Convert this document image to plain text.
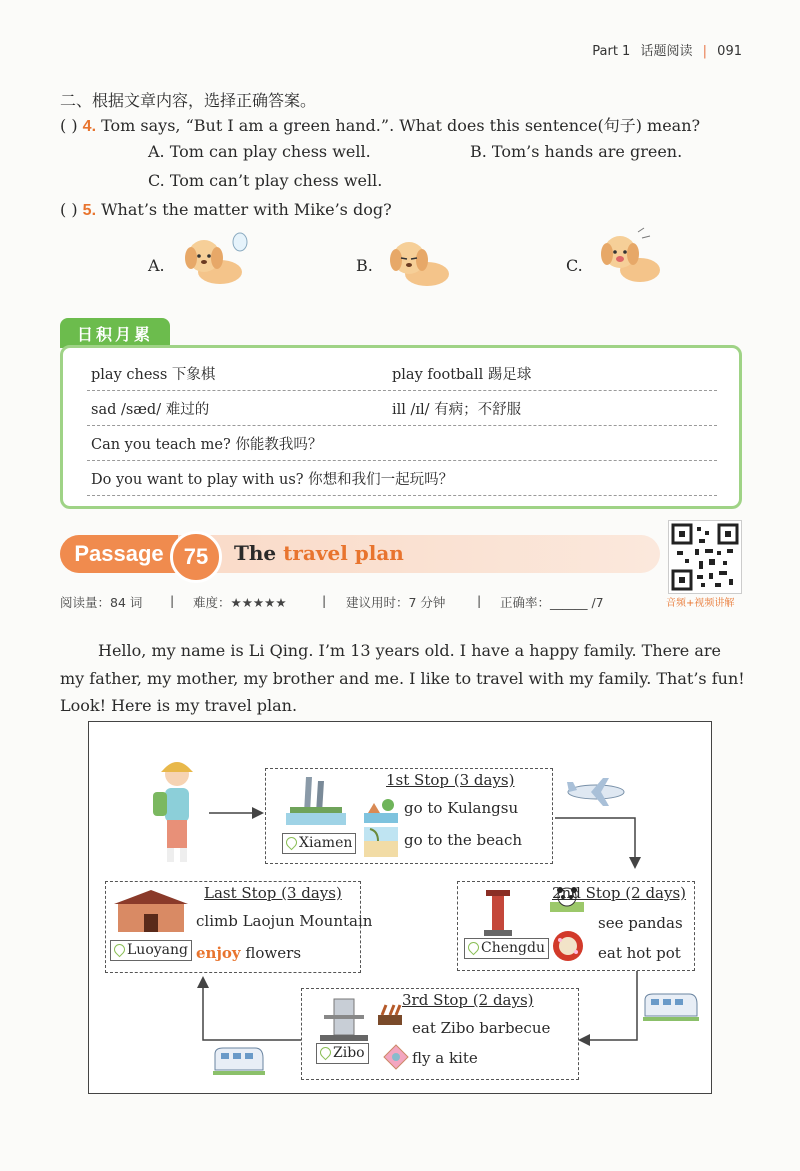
Part 1 话题阅读 | 091
二、根据文章内容，选择正确答案。
( ) 4. Tom says, “But I am a green hand.”. What does this sentence(句子) mean?
A. Tom can play chess well.	B. Tom’s hands are green.
C. Tom can’t play chess well.
( ) 5. What’s the matter with Mike’s dog?
A.	B.	C.
日积月累
play chess 下象棋	play football 踢足球
sad /sæd/ 难过的	ill /ɪl/ 有病；不舒服
Can you teach me? 你能教我吗？
Do you want to play with us? 你想和我们一起玩吗？
Passage 75	The travel plan
音频+视频讲解
阅读量：84 词 | 难度：★★★★★	| 建议用时：7 分钟	| 正确率：______ /7
Hello, my name is Li Qing. I’m 13 years old. I have a happy family. There are my father, my mother, my brother and me. I like to travel with my family. That’s fun! Look! Here is my travel plan.
1st Stop (3 days)
go to Kulangsu
go to the beach
Xiamen
2nd Stop (2 days)
see pandas
eat hot pot
Chengdu
3rd Stop (2 days)
eat Zibo barbecue
fly a kite
Zibo
Last Stop (3 days)
climb Laojun Mountain
enjoy flowers
Luoyang
